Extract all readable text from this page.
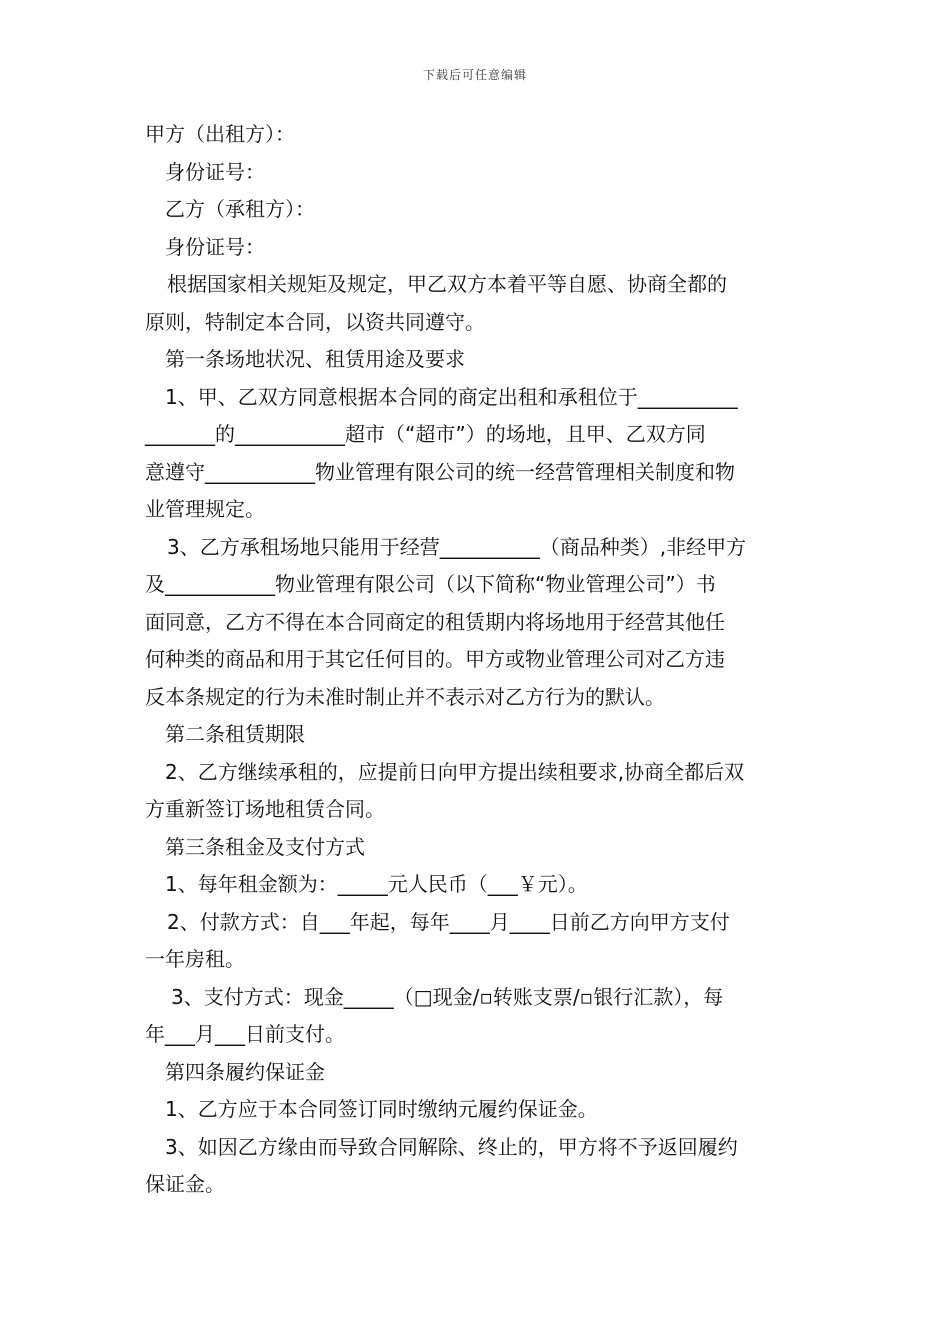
下载后可任意编辑

甲方（出租方）：

身份证号：

乙方（承租方）：

身份证号：

根据国家相关规矩及规定，甲乙双方本着平等自愿、协商全都的

原则，特制定本合同，以资共同遵守。

第一条场地状况、租赁用途及要求

1、甲、乙双方同意根据本合同的商定出租和承租位于__________

_______的___________超市（“超市”）的场地，且甲、乙双方同

意遵守___________物业管理有限公司的统一经营管理相关制度和物

业管理规定。

3、乙方承租场地只能用于经营__________（商品种类）,非经甲方

及___________物业管理有限公司（以下简称“物业管理公司”）书

面同意，乙方不得在本合同商定的租赁期内将场地用于经营其他任

何种类的商品和用于其它任何目的。甲方或物业管理公司对乙方违

反本条规定的行为未准时制止并不表示对乙方行为的默认。

第二条租赁期限

2、乙方继续承租的，应提前日向甲方提出续租要求,协商全都后双

方重新签订场地租赁合同。

第三条租金及支付方式

1、每年租金额为：_____元人民币（___￥元）。

2、付款方式：自___年起，每年____月____日前乙方向甲方支付

一年房租。

3、支付方式：现金_____（□现金/▫转账支票/▫银行汇款），每

年___月___日前支付。

第四条履约保证金

1、乙方应于本合同签订同时缴纳元履约保证金。

3、如因乙方缘由而导致合同解除、终止的，甲方将不予返回履约

保证金。
